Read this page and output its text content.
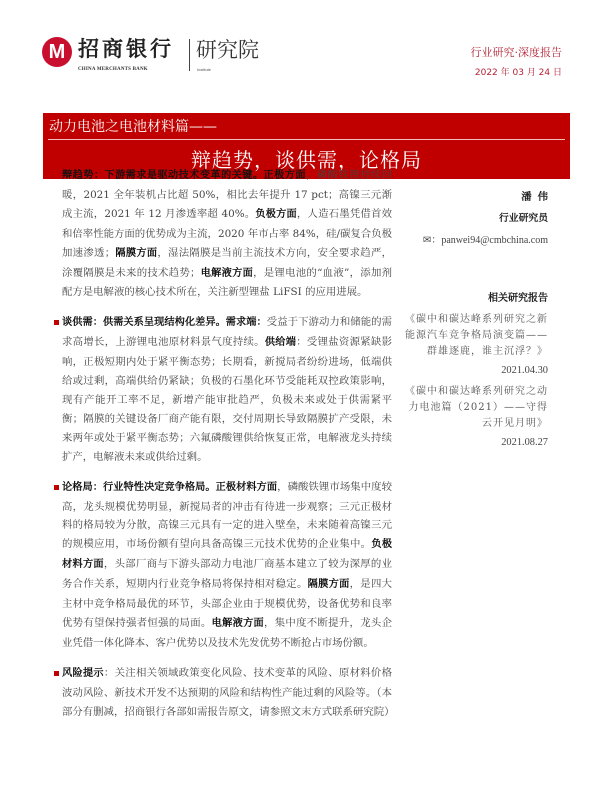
M 招商银行
CHINA MERCHANTS BANK
研究院
Institute
行业研究·深度报告
2022 年 03 月 24 日
动力电池之电池材料篇——
辩趋势，谈供需，论格局
辩趋势：下游需求是驱动技术变革的关键。正极方面，磷酸铁锂持续回暖，2021 全年装机占比超 50%，相比去年提升 17 pct；高镍三元渐成主流，2021 年 12 月渗透率超 40%。负极方面，人造石墨凭借首效和倍率性能方面的优势成为主流，2020 年市占率 84%，硅/碳复合负极加速渗透；隔膜方面，湿法隔膜是当前主流技术方向，安全要求趋严，涂覆隔膜是未来的技术趋势；电解液方面，是锂电池的“血液”，添加剂配方是电解液的核心技术所在，关注新型锂盐 LiFSI 的应用进展。
谈供需：供需关系呈现结构化差异。需求端：受益于下游动力和储能的需求高增长，上游锂电池原材料景气度持续。供给端：受锂盐资源紧缺影响，正极短期内处于紧平衡态势；长期看，新搅局者纷纷进场，低端供给或过剩，高端供给仍紧缺；负极的石墨化环节受能耗双控政策影响，现有产能开工率不足，新增产能审批趋严，负极未来或处于供需紧平衡；隔膜的关键设备厂商产能有限，交付周期长导致隔膜扩产受限，未来两年或处于紧平衡态势；六氟磷酸锂供给恢复正常，电解液龙头持续扩产，电解液未来或供给过剩。
论格局：行业特性决定竞争格局。正极材料方面，磷酸铁锂市场集中度较高，龙头规模优势明显，新搅局者的冲击有待进一步观察；三元正极材料的格局较为分散，高镍三元具有一定的进入壁垒，未来随着高镍三元的规模应用，市场份额有望向具备高镍三元技术优势的企业集中。负极材料方面，头部厂商与下游头部动力电池厂商基本建立了较为深厚的业务合作关系，短期内行业竞争格局将保持相对稳定。隔膜方面，是四大主材中竞争格局最优的环节，头部企业由于规模优势，设备优势和良率优势有望保持强者恒强的局面。电解液方面，集中度不断提升，龙头企业凭借一体化降本、客户优势以及技术先发优势不断抢占市场份额。
风险提示：关注相关领域政策变化风险、技术变革的风险、原材料价格波动风险、新技术开发不达预期的风险和结构性产能过剩的风险等。（本部分有删减，招商银行各部如需报告原文，请参照文末方式联系研究院）
潘伟
行业研究员
✉：panwei94@cmbchina.com
相关研究报告
《碳中和碳达峰系列研究之新能源汽车竞争格局演变篇——群雄逐鹿，谁主沉浮？》
2021.04.30
《碳中和碳达峰系列研究之动力电池篇（2021）——守得云开见月明》
2021.08.27
